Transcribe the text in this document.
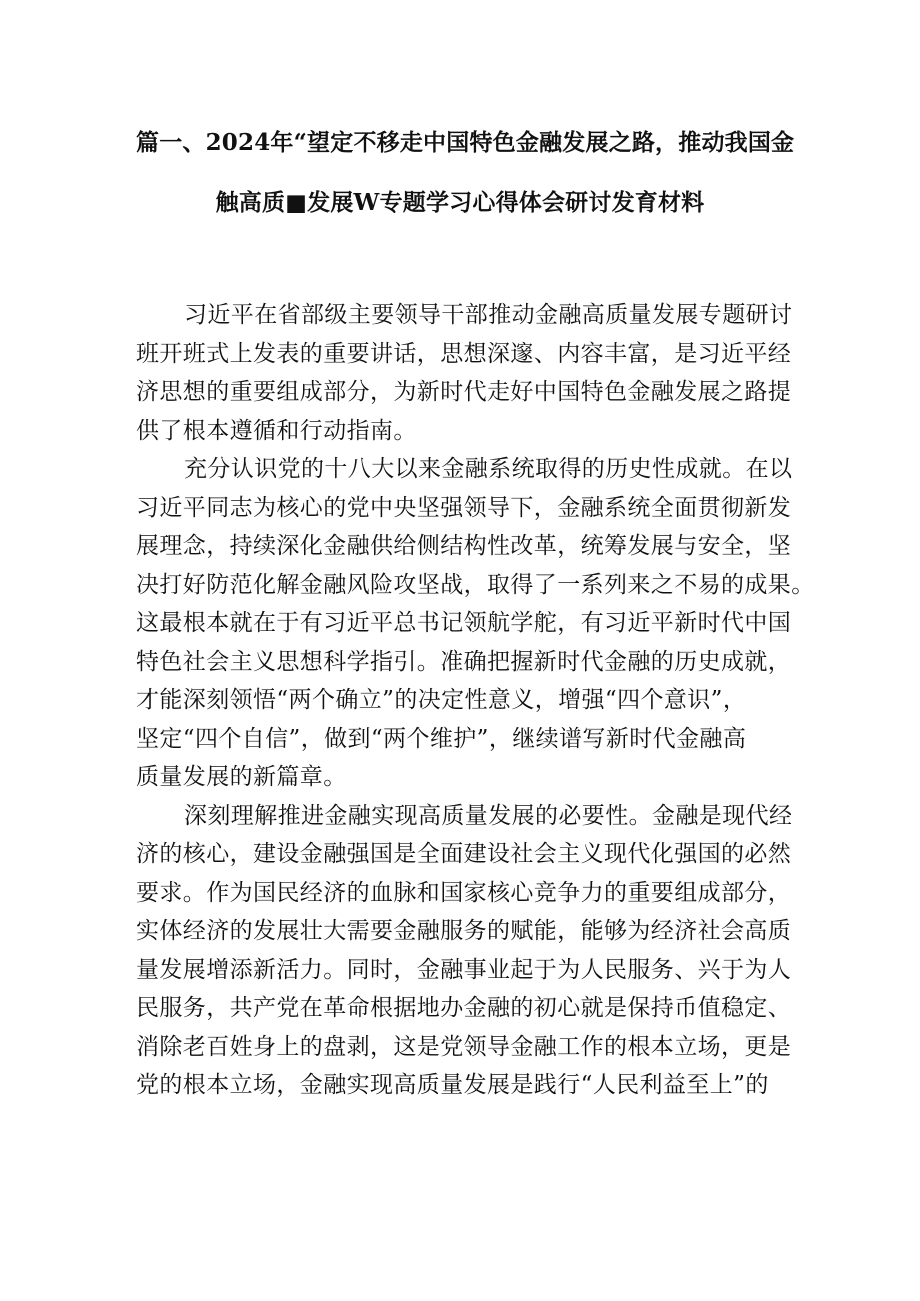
篇一、2024年“望定不移走中国特色金融发展之路，推动我国金
触高质■发展W专题学习心得体会研讨发育材料
习近平在省部级主要领导干部推动金融高质量发展专题研讨
班开班式上发表的重要讲话，思想深邃、内容丰富，是习近平经
济思想的重要组成部分，为新时代走好中国特色金融发展之路提
供了根本遵循和行动指南。
充分认识党的十八大以来金融系统取得的历史性成就。在以
习近平同志为核心的党中央坚强领导下，金融系统全面贯彻新发
展理念，持续深化金融供给侧结构性改革，统筹发展与安全，坚
决打好防范化解金融风险攻坚战，取得了一系列来之不易的成果。
这最根本就在于有习近平总书记领航学舵，有习近平新时代中国
特色社会主义思想科学指引。准确把握新时代金融的历史成就，
才能深刻领悟“两个确立”的决定性意义，增强“四个意识”，
坚定“四个自信”，做到“两个维护”，继续谱写新时代金融高
质量发展的新篇章。
深刻理解推进金融实现高质量发展的必要性。金融是现代经
济的核心，建设金融强国是全面建设社会主义现代化强国的必然
要求。作为国民经济的血脉和国家核心竞争力的重要组成部分，
实体经济的发展壮大需要金融服务的赋能，能够为经济社会高质
量发展增添新活力。同时，金融事业起于为人民服务、兴于为人
民服务，共产党在革命根据地办金融的初心就是保持币值稳定、
消除老百姓身上的盘剥，这是党领导金融工作的根本立场，更是
党的根本立场，金融实现高质量发展是践行“人民利益至上”的
